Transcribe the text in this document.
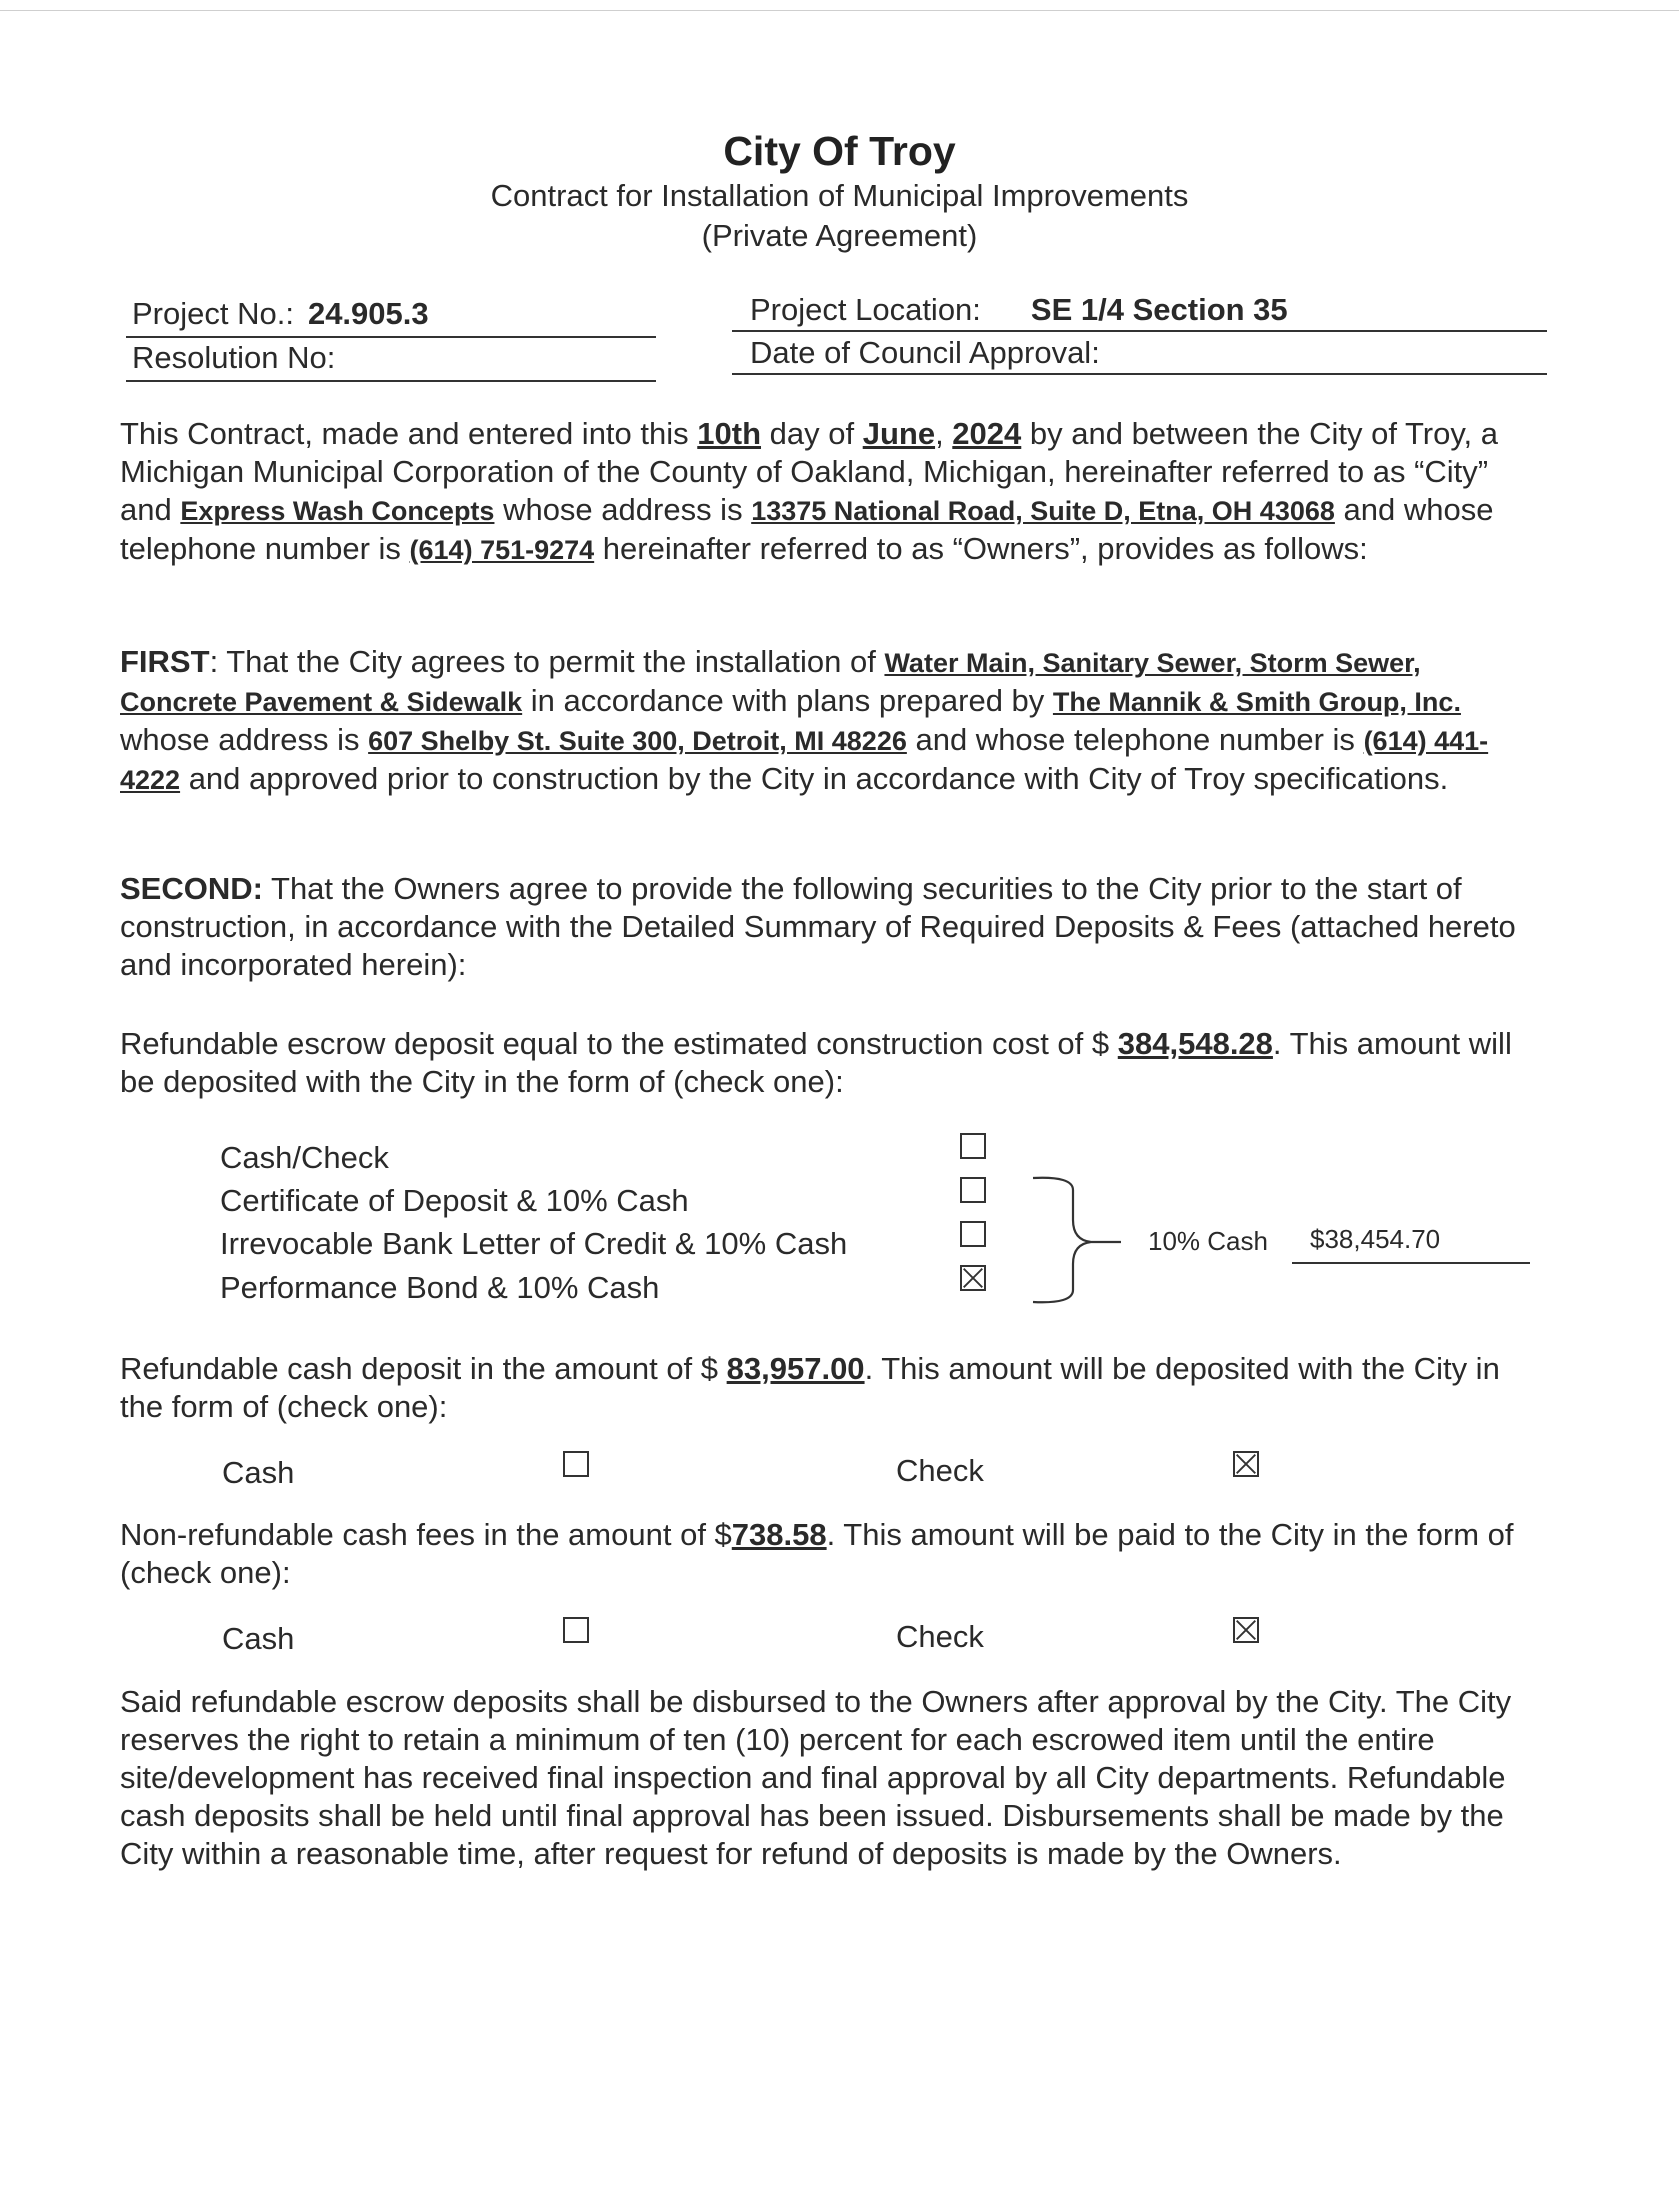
City Of Troy
Contract for Installation of Municipal Improvements
(Private Agreement)
Project No.: 24.905.3
Resolution No:
Project Location: SE 1/4 Section 35
Date of Council Approval:
This Contract, made and entered into this 10th day of June, 2024 by and between the City of Troy, a Michigan Municipal Corporation of the County of Oakland, Michigan, hereinafter referred to as “City” and Express Wash Concepts whose address is 13375 National Road, Suite D, Etna, OH 43068 and whose telephone number is (614) 751-9274 hereinafter referred to as “Owners”, provides as follows:
FIRST: That the City agrees to permit the installation of Water Main, Sanitary Sewer, Storm Sewer, Concrete Pavement & Sidewalk in accordance with plans prepared by The Mannik & Smith Group, Inc. whose address is 607 Shelby St. Suite 300, Detroit, MI 48226 and whose telephone number is (614) 441-4222 and approved prior to construction by the City in accordance with City of Troy specifications.
SECOND: That the Owners agree to provide the following securities to the City prior to the start of construction, in accordance with the Detailed Summary of Required Deposits & Fees (attached hereto and incorporated herein):
Refundable escrow deposit equal to the estimated construction cost of $ 384,548.28. This amount will be deposited with the City in the form of (check one):
Cash/Check
Certificate of Deposit & 10% Cash
Irrevocable Bank Letter of Credit & 10% Cash
Performance Bond & 10% Cash
10% Cash $38,454.70
Refundable cash deposit in the amount of $ 83,957.00. This amount will be deposited with the City in the form of (check one):
Cash	Check
Non-refundable cash fees in the amount of $738.58. This amount will be paid to the City in the form of (check one):
Cash	Check
Said refundable escrow deposits shall be disbursed to the Owners after approval by the City. The City reserves the right to retain a minimum of ten (10) percent for each escrowed item until the entire site/development has received final inspection and final approval by all City departments. Refundable cash deposits shall be held until final approval has been issued. Disbursements shall be made by the City within a reasonable time, after request for refund of deposits is made by the Owners.
